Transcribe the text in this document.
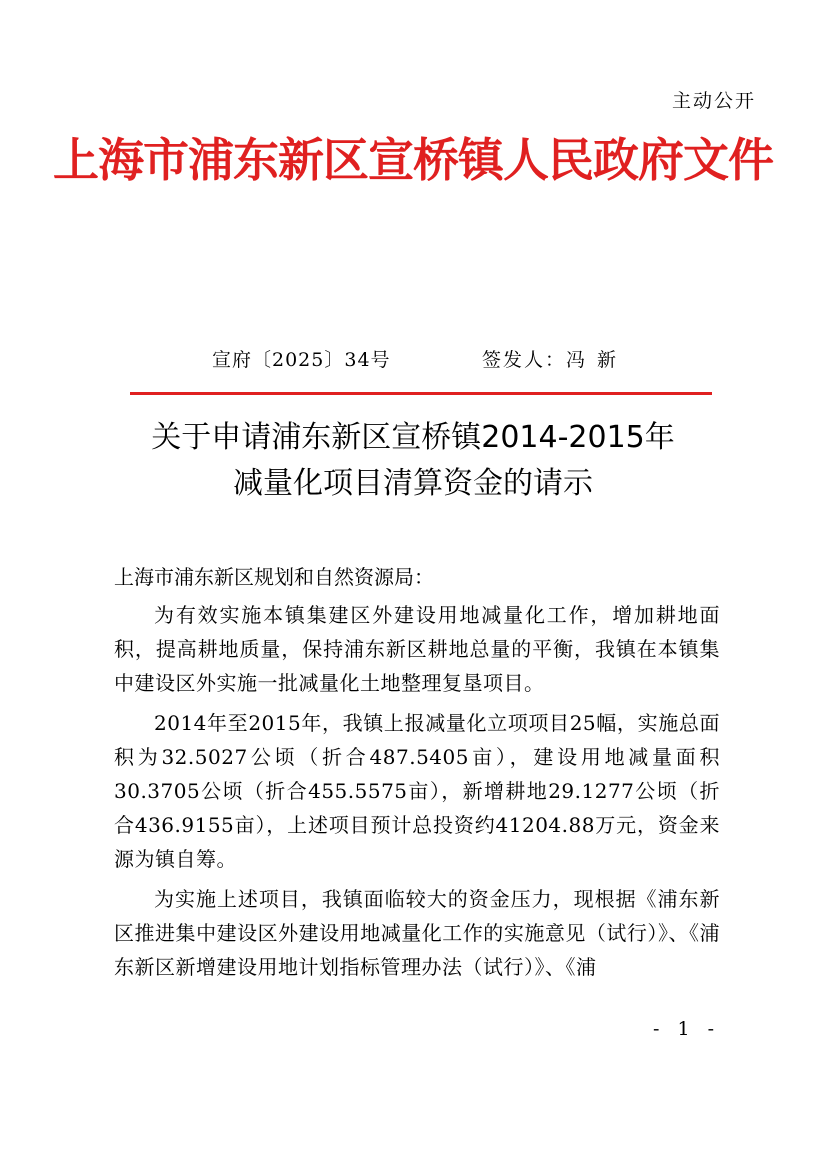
主动公开
上海市浦东新区宣桥镇人民政府文件
宣府〔2025〕34号	签发人：冯新
关于申请浦东新区宣桥镇2014-2015年
减量化项目清算资金的请示

上海市浦东新区规划和自然资源局：

为有效实施本镇集建区外建设用地减量化工作，增加耕地面积，提高耕地质量，保持浦东新区耕地总量的平衡，我镇在本镇集中建设区外实施一批减量化土地整理复垦项目。

2014年至2015年，我镇上报减量化立项项目25幅，实施总面积为32.5027公顷（折合487.5405亩），建设用地减量面积30.3705公顷（折合455.5575亩），新增耕地29.1277公顷（折合436.9155亩），上述项目预计总投资约41204.88万元，资金来源为镇自筹。

为实施上述项目，我镇面临较大的资金压力，现根据《浦东新区推进集中建设区外建设用地减量化工作的实施意见（试行）》、《浦东新区新增建设用地计划指标管理办法（试行）》、《浦

- 1 -
